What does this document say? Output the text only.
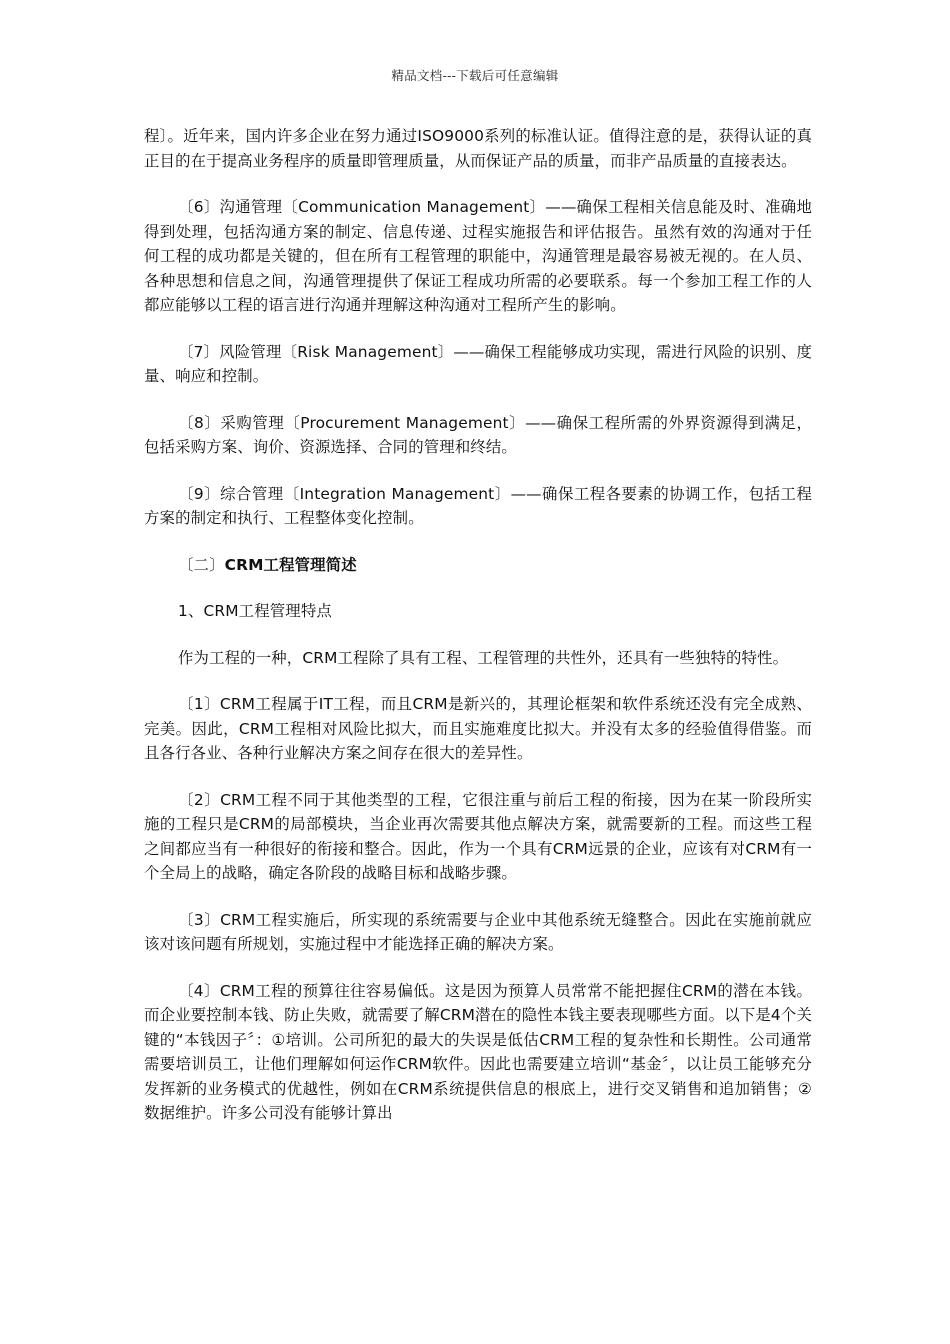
精品文档---下载后可任意编辑

程〕。近年来，国内许多企业在努力通过ISO9000系列的标准认证。值得注意的是，获得认证的真正目的在于提高业务程序的质量即管理质量，从而保证产品的质量，而非产品质量的直接表达。

〔6〕沟通管理〔Communication Management〕——确保工程相关信息能及时、准确地得到处理，包括沟通方案的制定、信息传递、过程实施报告和评估报告。虽然有效的沟通对于任何工程的成功都是关键的，但在所有工程管理的职能中，沟通管理是最容易被无视的。在人员、各种思想和信息之间，沟通管理提供了保证工程成功所需的必要联系。每一个参加工程工作的人都应能够以工程的语言进行沟通并理解这种沟通对工程所产生的影响。

〔7〕风险管理〔Risk Management〕——确保工程能够成功实现，需进行风险的识别、度量、响应和控制。

〔8〕采购管理〔Procurement Management〕——确保工程所需的外界资源得到满足，包括采购方案、询价、资源选择、合同的管理和终结。

〔9〕综合管理〔Integration Management〕——确保工程各要素的协调工作，包括工程方案的制定和执行、工程整体变化控制。

〔二〕CRM工程管理简述

1、CRM工程管理特点

作为工程的一种，CRM工程除了具有工程、工程管理的共性外，还具有一些独特的特性。

〔1〕CRM工程属于IT工程，而且CRM是新兴的，其理论框架和软件系统还没有完全成熟、完美。因此，CRM工程相对风险比拟大，而且实施难度比拟大。并没有太多的经验值得借鉴。而且各行各业、各种行业解决方案之间存在很大的差异性。

〔2〕CRM工程不同于其他类型的工程，它很注重与前后工程的衔接，因为在某一阶段所实施的工程只是CRM的局部模块，当企业再次需要其他点解决方案，就需要新的工程。而这些工程之间都应当有一种很好的衔接和整合。因此，作为一个具有CRM远景的企业，应该有对CRM有一个全局上的战略，确定各阶段的战略目标和战略步骤。

〔3〕CRM工程实施后，所实现的系统需要与企业中其他系统无缝整合。因此在实施前就应该对该问题有所规划，实施过程中才能选择正确的解决方案。

〔4〕CRM工程的预算往往容易偏低。这是因为预算人员常常不能把握住CRM的潜在本钱。而企业要控制本钱、防止失败，就需要了解CRM潜在的隐性本钱主要表现哪些方面。以下是4个关键的“本钱因子〞：①培训。公司所犯的最大的失误是低估CRM工程的复杂性和长期性。公司通常需要培训员工，让他们理解如何运作CRM软件。因此也需要建立培训“基金〞，以让员工能够充分发挥新的业务模式的优越性，例如在CRM系统提供信息的根底上，进行交叉销售和追加销售；②数据维护。许多公司没有能够计算出
